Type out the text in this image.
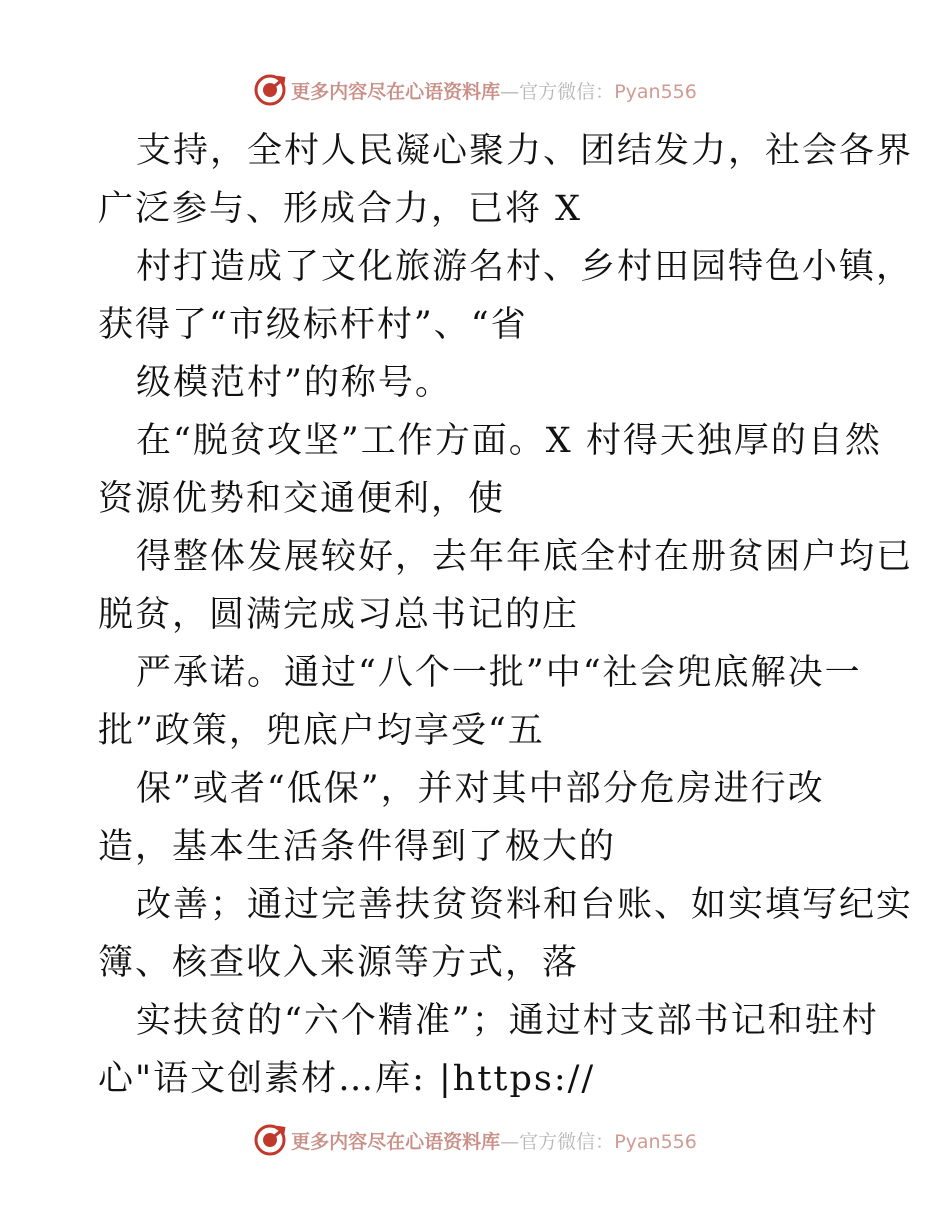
更多内容尽在心语资料库—官方微信：Pyan556
支持，全村人民凝心聚力、团结发力，社会各界
广泛参与、形成合力，已将 X
村打造成了文化旅游名村、乡村田园特色小镇，
获得了“市级标杆村”、“省
级模范村”的称号。
在“脱贫攻坚”工作方面。X 村得天独厚的自然
资源优势和交通便利，使
得整体发展较好，去年年底全村在册贫困户均已
脱贫，圆满完成习总书记的庄
严承诺。通过“八个一批”中“社会兜底解决一
批”政策，兜底户均享受“五
保”或者“低保”，并对其中部分危房进行改
造，基本生活条件得到了极大的
改善；通过完善扶贫资料和台账、如实填写纪实
簿、核查收入来源等方式，落
实扶贫的“六个精准”；通过村支部书记和驻村
心"语文创素材…库: |https://
更多内容尽在心语资料库—官方微信：Pyan556
